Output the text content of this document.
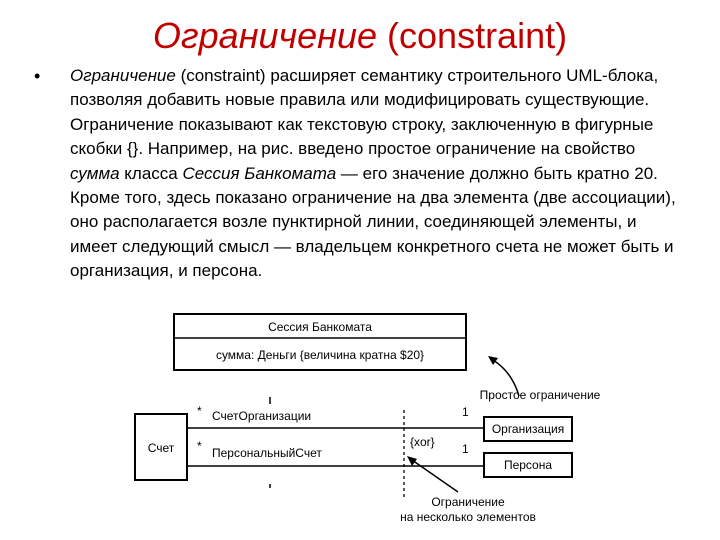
Ограничение (constraint)
• Ограничение (constraint) расширяет семантику строительного UML-блока, позволяя добавить новые правила или модифицировать существующие. Ограничение показывают как текстовую строку, заключенную в фигурные скобки {}. Например, на рис. введено простое ограничение на свойство сумма класса Сессия Банкомата — его значение должно быть кратно 20. Кроме того, здесь показано ограничение на два элемента (две ассоциации), оно располагается возле пунктирной линии, соединяющей элементы, и имеет следующий смысл — владельцем конкретного счета не может быть и организация, и персона.
Сессия Банкомата
сумма: Деньги {величина кратна $20}
Простое ограничение
Счет
* СчетОрганизации
* ПерсональныйСчет
{xor}
1
1
Организация
Персона
Ограничение
на несколько элементов
